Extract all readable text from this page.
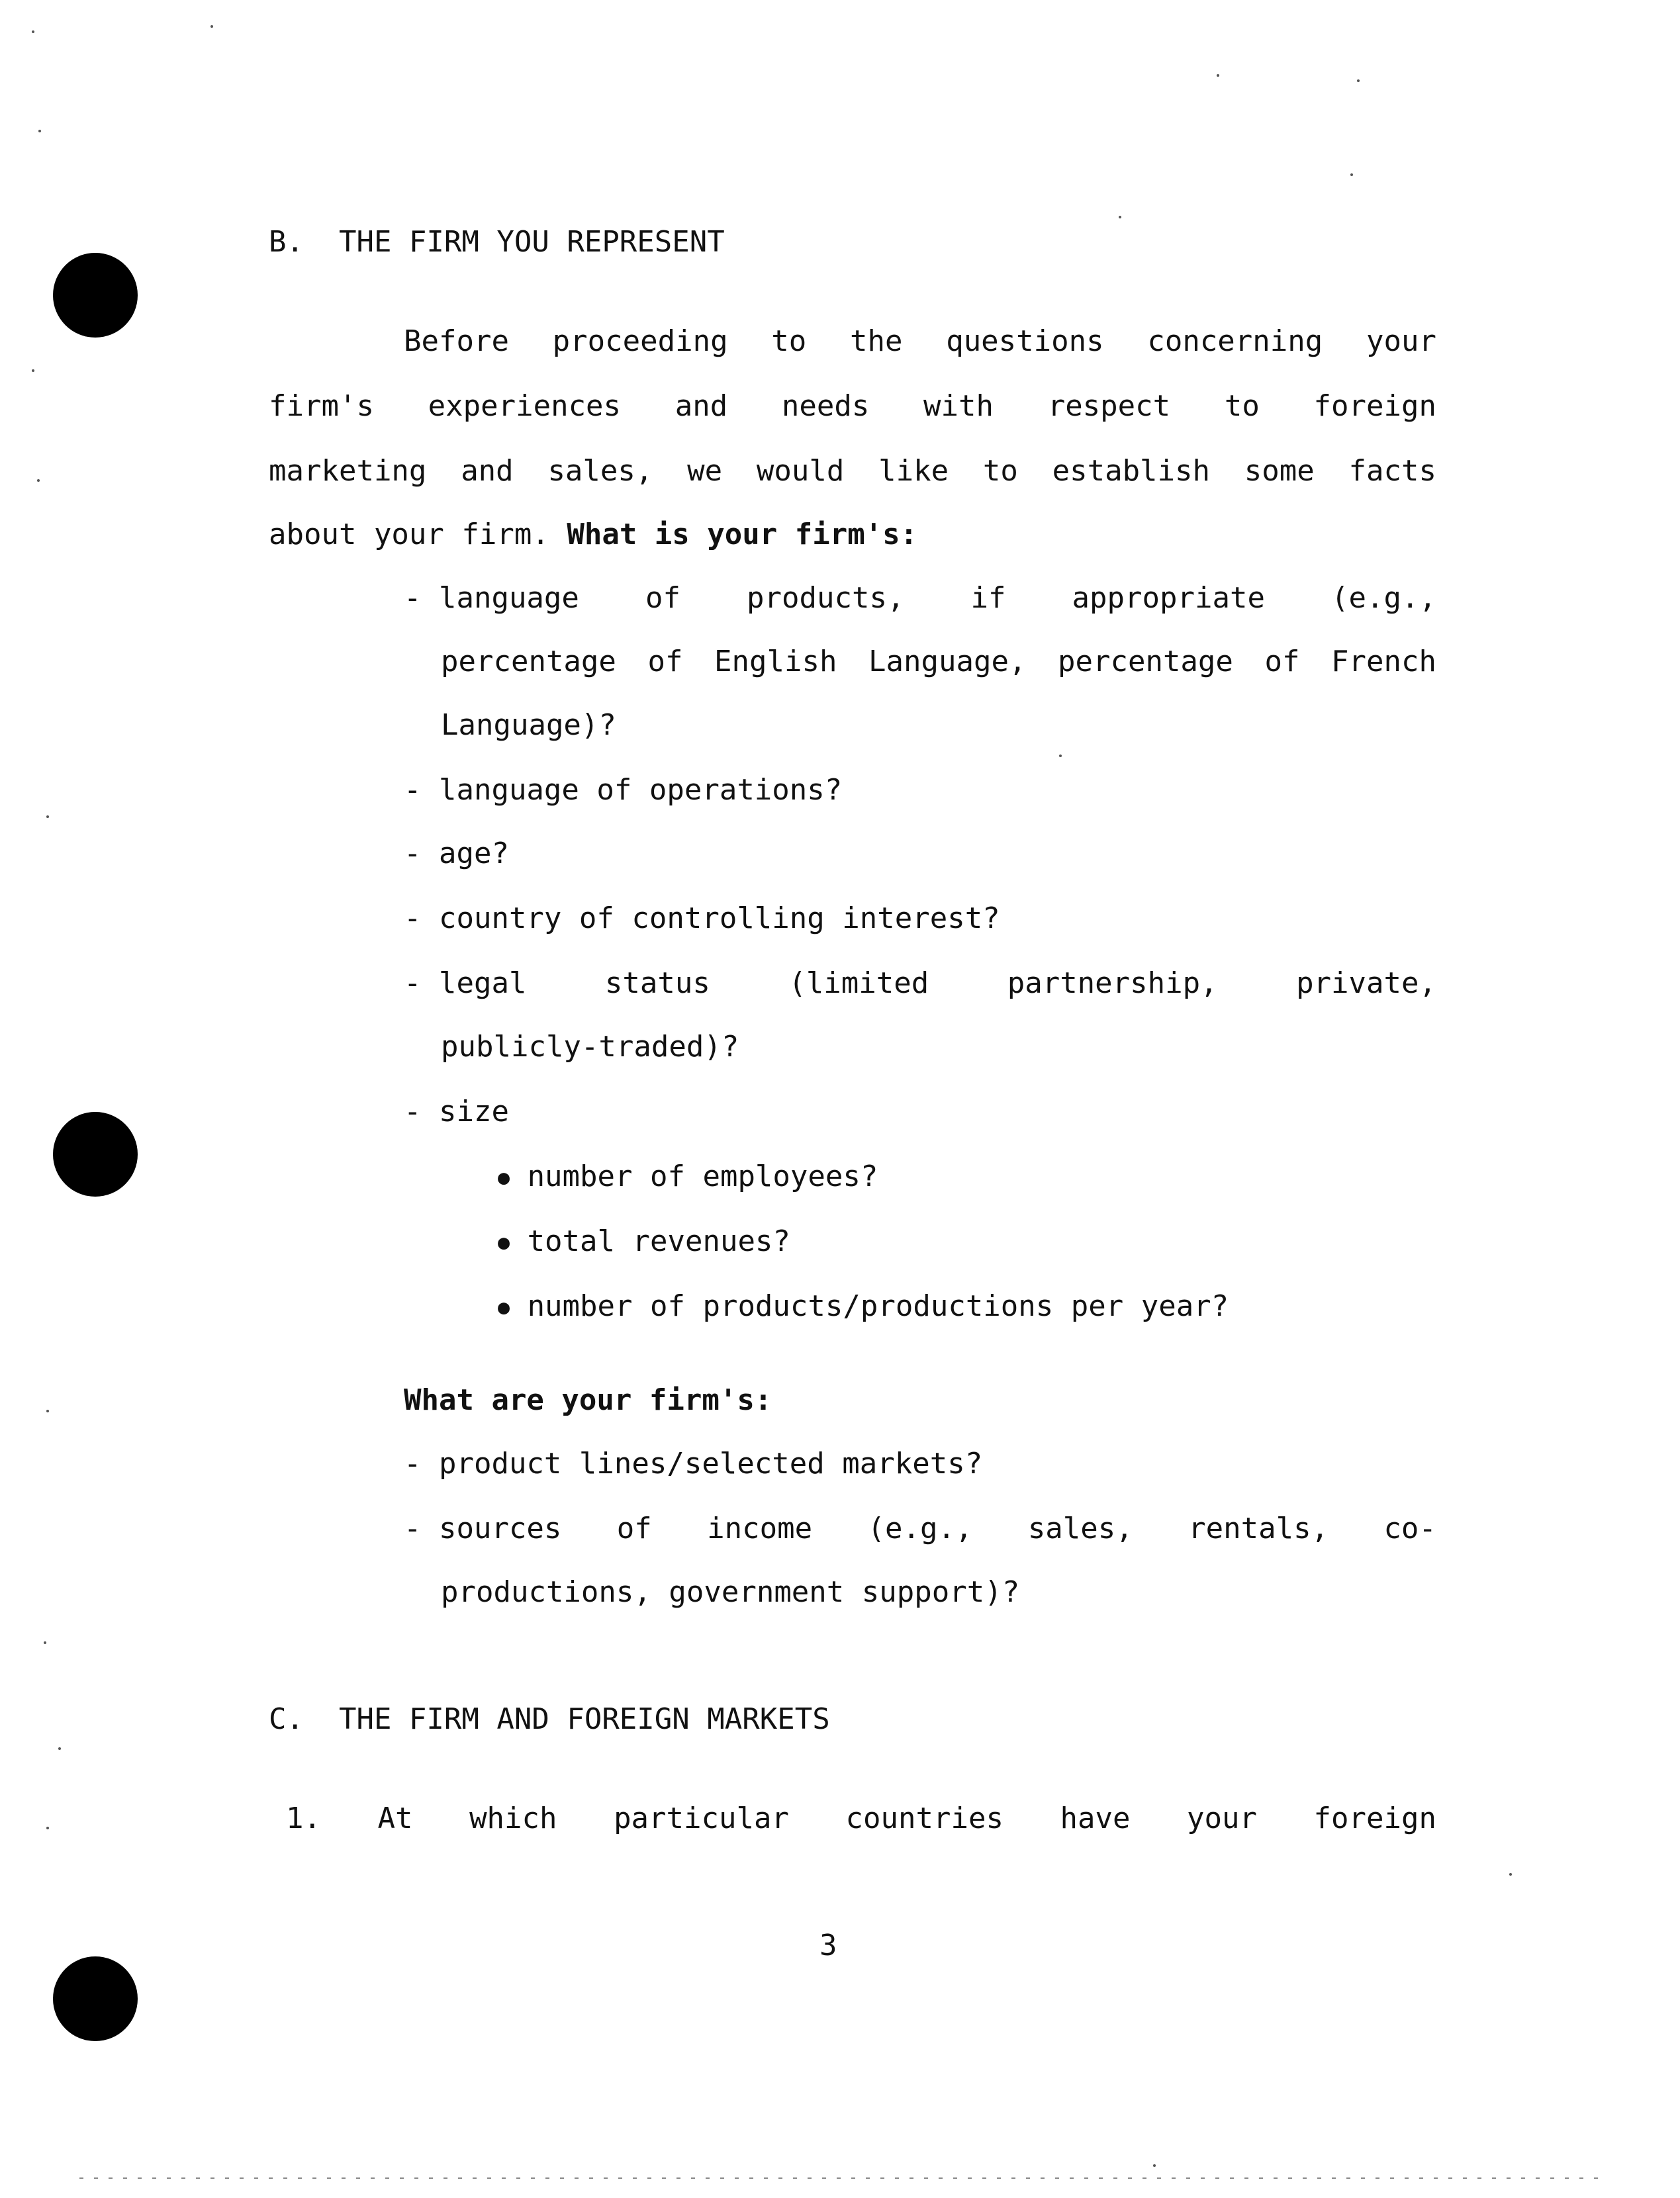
B.  THE FIRM YOU REPRESENT
Before proceeding to the questions concerning your
firm's experiences and needs with respect to foreign
marketing and sales, we would like to establish some facts
about your firm. What is your firm's:
- language of products, if appropriate (e.g.,
percentage of English Language, percentage of French
Language)?
- language of operations?
- age?
- country of controlling interest?
- legal	status	(limited	partnership,	private,
publicly-traded)?
- size
● number of employees?
● total revenues?
● number of products/productions per year?
What are your firm's:
- product lines/selected markets?
- sources of income (e.g., sales, rentals, co-
productions, government support)?
C.  THE FIRM AND FOREIGN MARKETS
1. At which particular countries have your foreign
3
